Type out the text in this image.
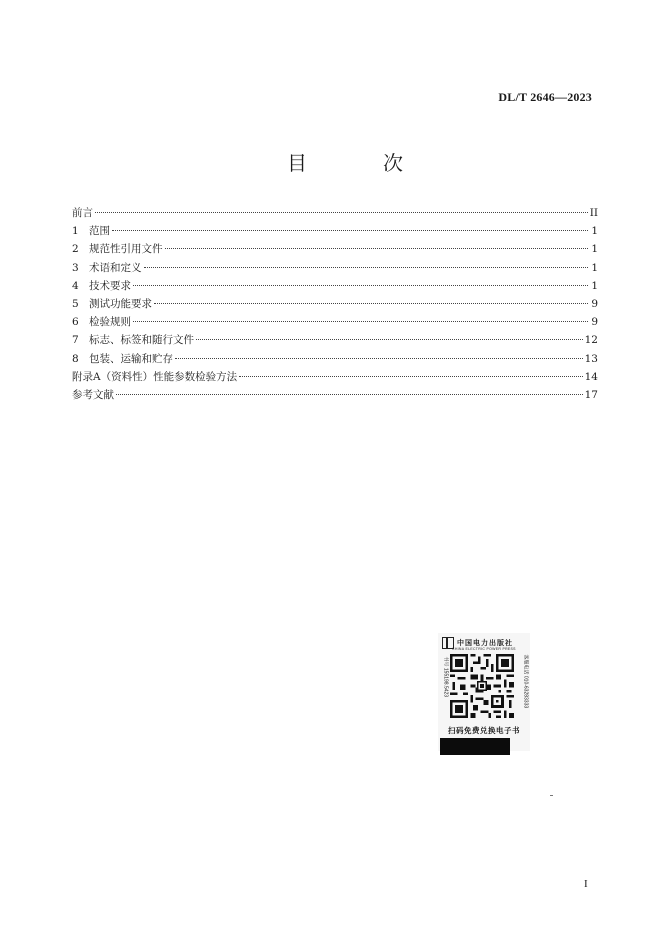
DL/T 2646—2023
目　次
前言	II
1 范围	1
2 规范性引用文件	1
3 术语和定义	1
4 技术要求	1
5 测试功能要求	9
6 检验规则	9
7 标志、标签和随行文件	12
8 包装、运输和贮存	13
附录A（资料性）性能参数检验方法	14
参考文献	17
中国电力出版社
CHINA ELECTRIC POWER PRESS
书号 155198.5423	客服电话 010-63283333
扫码免费兑换电子书
I
